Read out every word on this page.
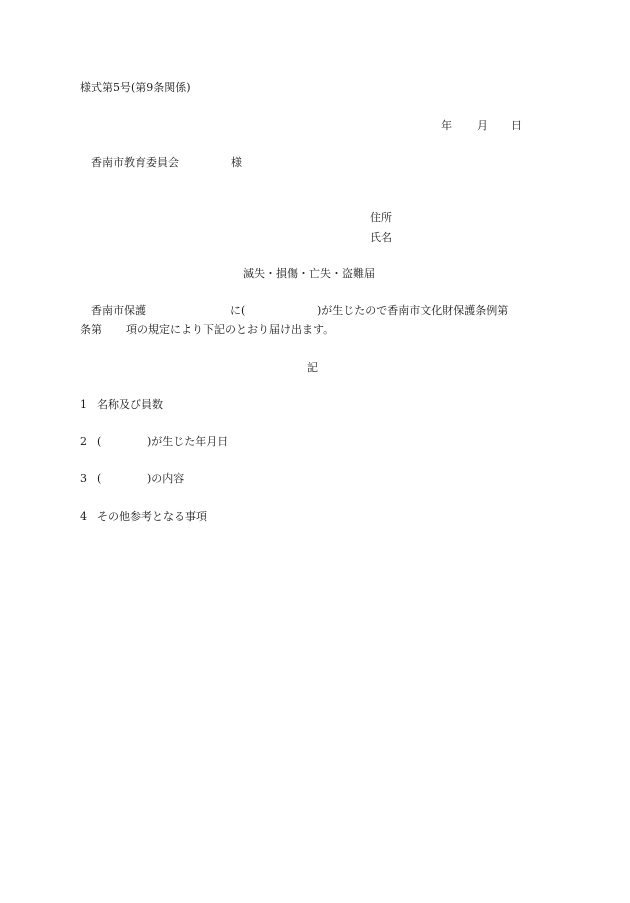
様式第5号(第9条関係)
年 月 日
香南市教育委員会	様
住所
氏名
滅失・損傷・亡失・盗難届
香南市保護	に(	)が生じたので香南市文化財保護条例第
条第 項の規定により下記のとおり届け出ます。
記
1 名称及び員数
2 (	)が生じた年月日
3 (	)の内容
4 その他参考となる事項
